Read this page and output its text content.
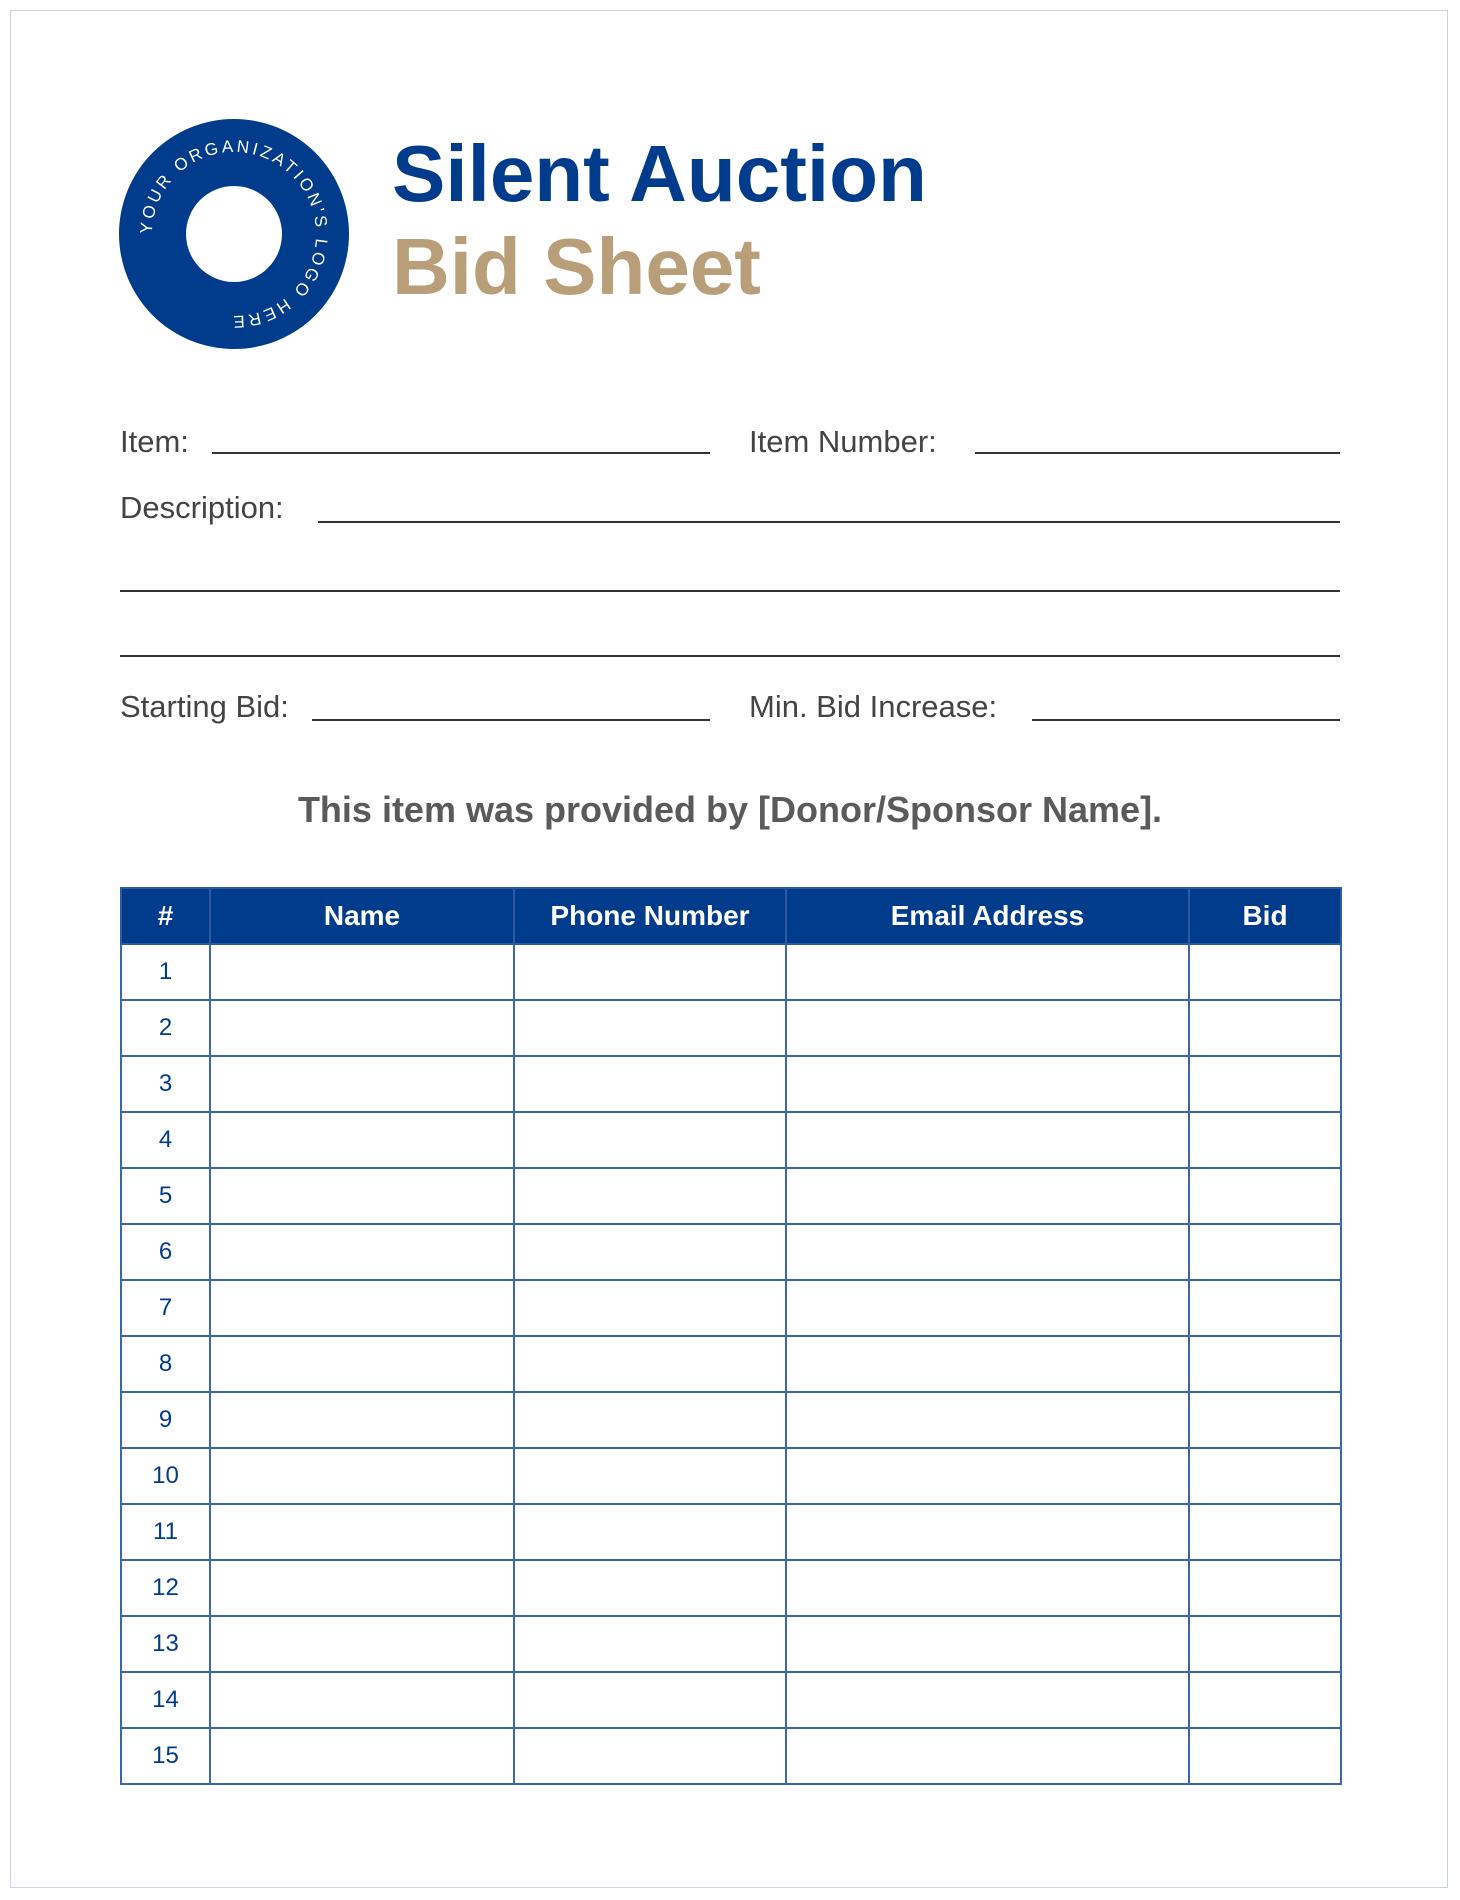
YOUR ORGANIZATION'S LOGO HERE
Silent Auction
Bid Sheet
Item:	Item Number:
Description:
Starting Bid:	Min. Bid Increase:
This item was provided by [Donor/Sponsor Name].
#	Name	Phone Number	Email Address	Bid
1				
2				
3				
4				
5				
6				
7				
8				
9				
10				
11				
12				
13				
14				
15				
